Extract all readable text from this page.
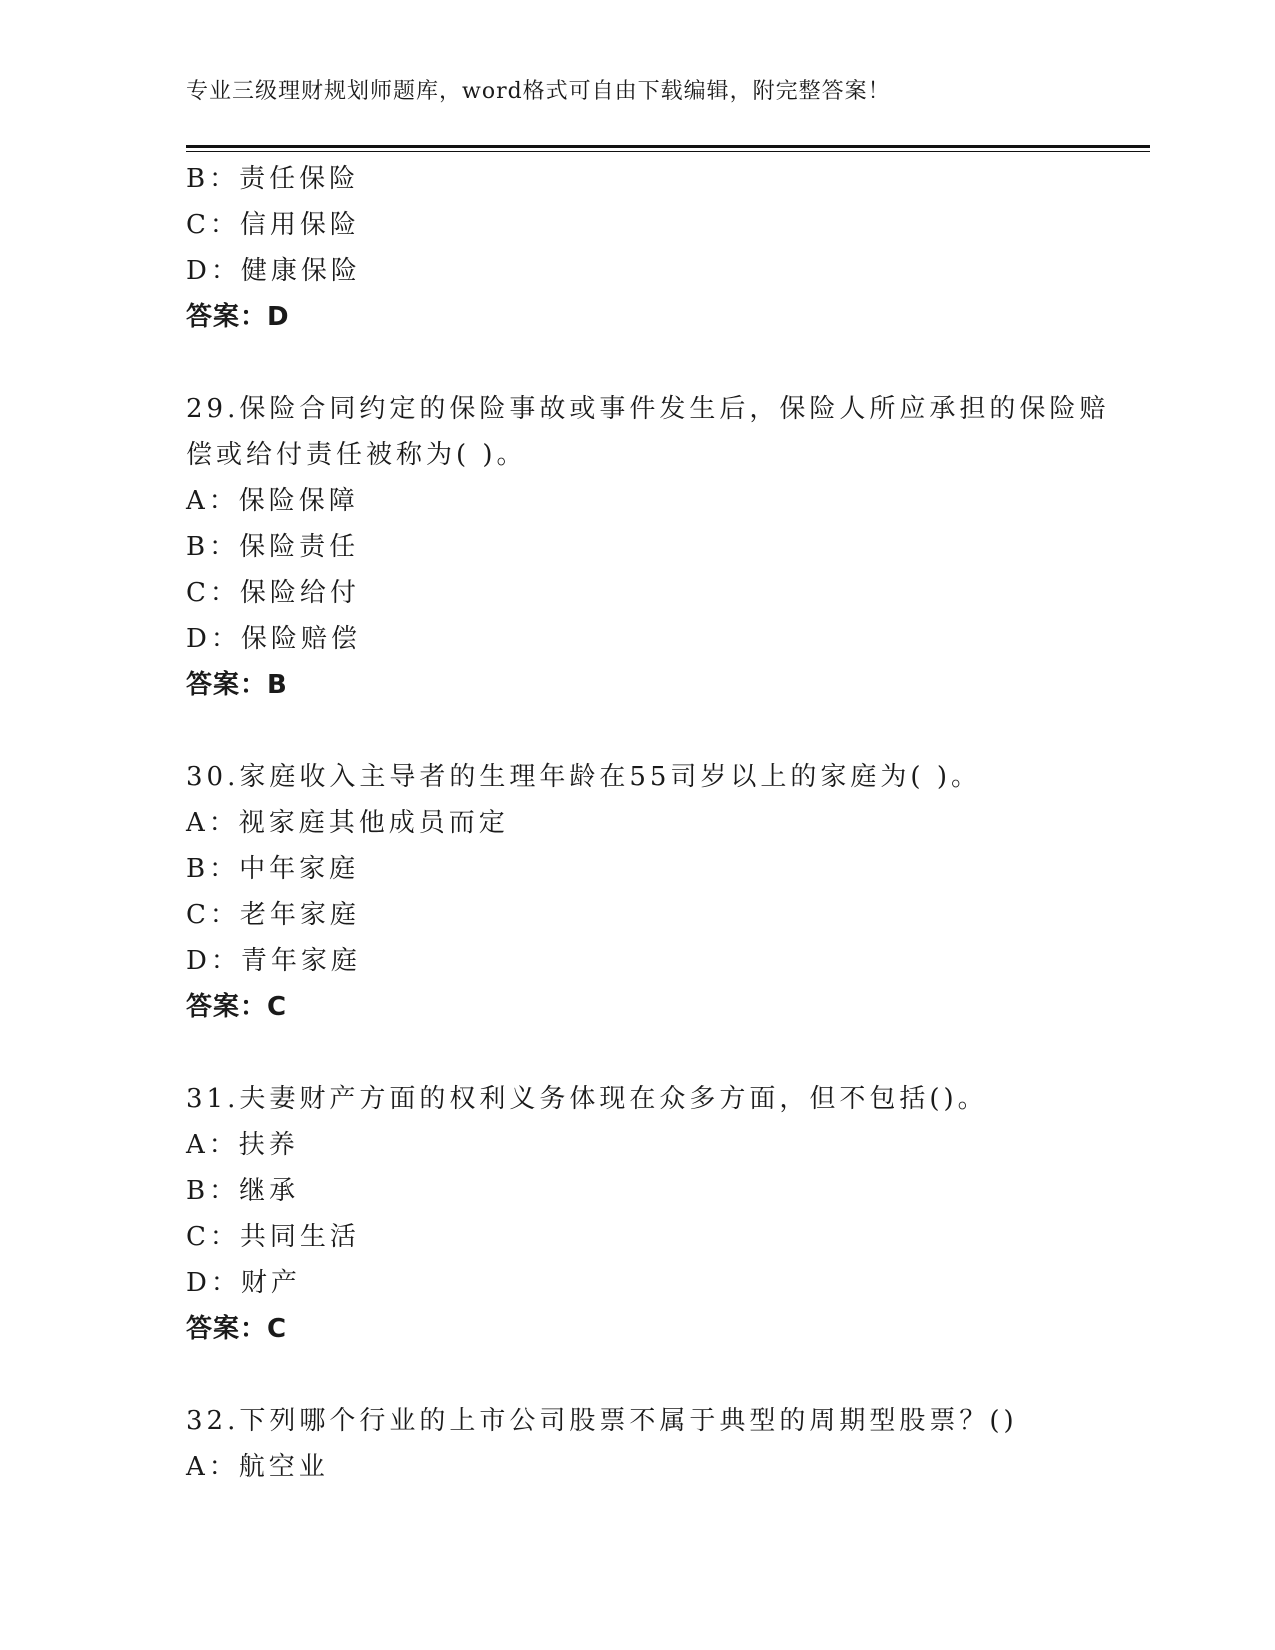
专业三级理财规划师题库，word格式可自由下载编辑，附完整答案！
B：责任保险
C：信用保险
D：健康保险
答案：D
29.保险合同约定的保险事故或事件发生后，保险人所应承担的保险赔
偿或给付责任被称为( )。
A：保险保障
B：保险责任
C：保险给付
D：保险赔偿
答案：B
30.家庭收入主导者的生理年龄在55司岁以上的家庭为( )。
A：视家庭其他成员而定
B：中年家庭
C：老年家庭
D：青年家庭
答案：C
31.夫妻财产方面的权利义务体现在众多方面，但不包括()。
A：扶养
B：继承
C：共同生活
D：财产
答案：C
32.下列哪个行业的上市公司股票不属于典型的周期型股票？()
A：航空业
